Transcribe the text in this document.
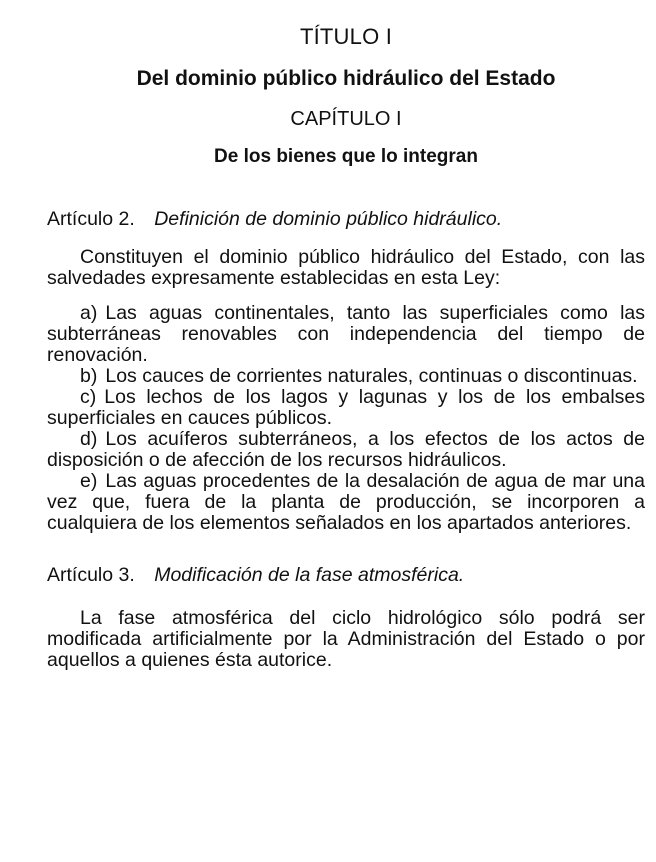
TÍTULO I
Del dominio público hidráulico del Estado
CAPÍTULO I
De los bienes que lo integran
Artículo 2. Definición de dominio público hidráulico.

Constituyen el dominio público hidráulico del Estado, con las salvedades expresamente establecidas en esta Ley:

a) Las aguas continentales, tanto las superficiales como las subterráneas renovables con independencia del tiempo de renovación.

b) Los cauces de corrientes naturales, continuas o discontinuas.

c) Los lechos de los lagos y lagunas y los de los embalses superficiales en cauces públicos.

d) Los acuíferos subterráneos, a los efectos de los actos de disposición o de afección de los recursos hidráulicos.

e) Las aguas procedentes de la desalación de agua de mar una vez que, fuera de la planta de producción, se incorporen a cualquiera de los elementos señalados en los apartados anteriores.

Artículo 3. Modificación de la fase atmosférica.

La fase atmosférica del ciclo hidrológico sólo podrá ser modificada artificialmente por la Administración del Estado o por aquellos a quienes ésta autorice.
